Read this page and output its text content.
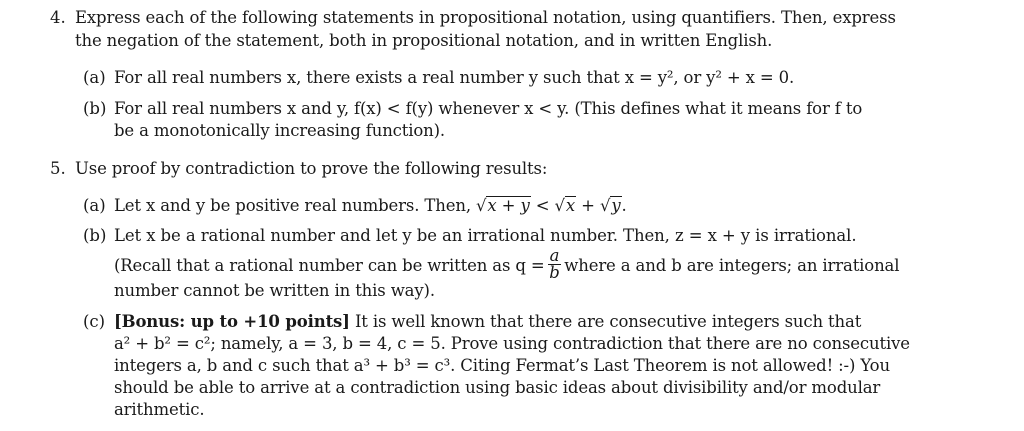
4. Express each of the following statements in propositional notation, using quantifiers. Then, express
the negation of the statement, both in propositional notation, and in written English.
(a) For all real numbers x, there exists a real number y such that x = y², or y² + x = 0.
(b) For all real numbers x and y, f(x) < f(y) whenever x < y. (This defines what it means for f to
be a monotonically increasing function).
5. Use proof by contradiction to prove the following results:
(a) Let x and y be positive real numbers. Then, √x + y < √x + √y.
(b) Let x be a rational number and let y be an irrational number. Then, z = x + y is irrational.
(Recall that a rational number can be written as $q = \frac{a}{b}$ where a and b are integers; an irrational
number cannot be written in this way).
(c) [Bonus: up to +10 points] It is well known that there are consecutive integers such that
a² + b² = c²; namely, a = 3, b = 4, c = 5. Prove using contradiction that there are no consecutive
integers a, b and c such that a³ + b³ = c³. Citing Fermat’s Last Theorem is not allowed! :-) You
should be able to arrive at a contradiction using basic ideas about divisibility and/or modular
arithmetic.
